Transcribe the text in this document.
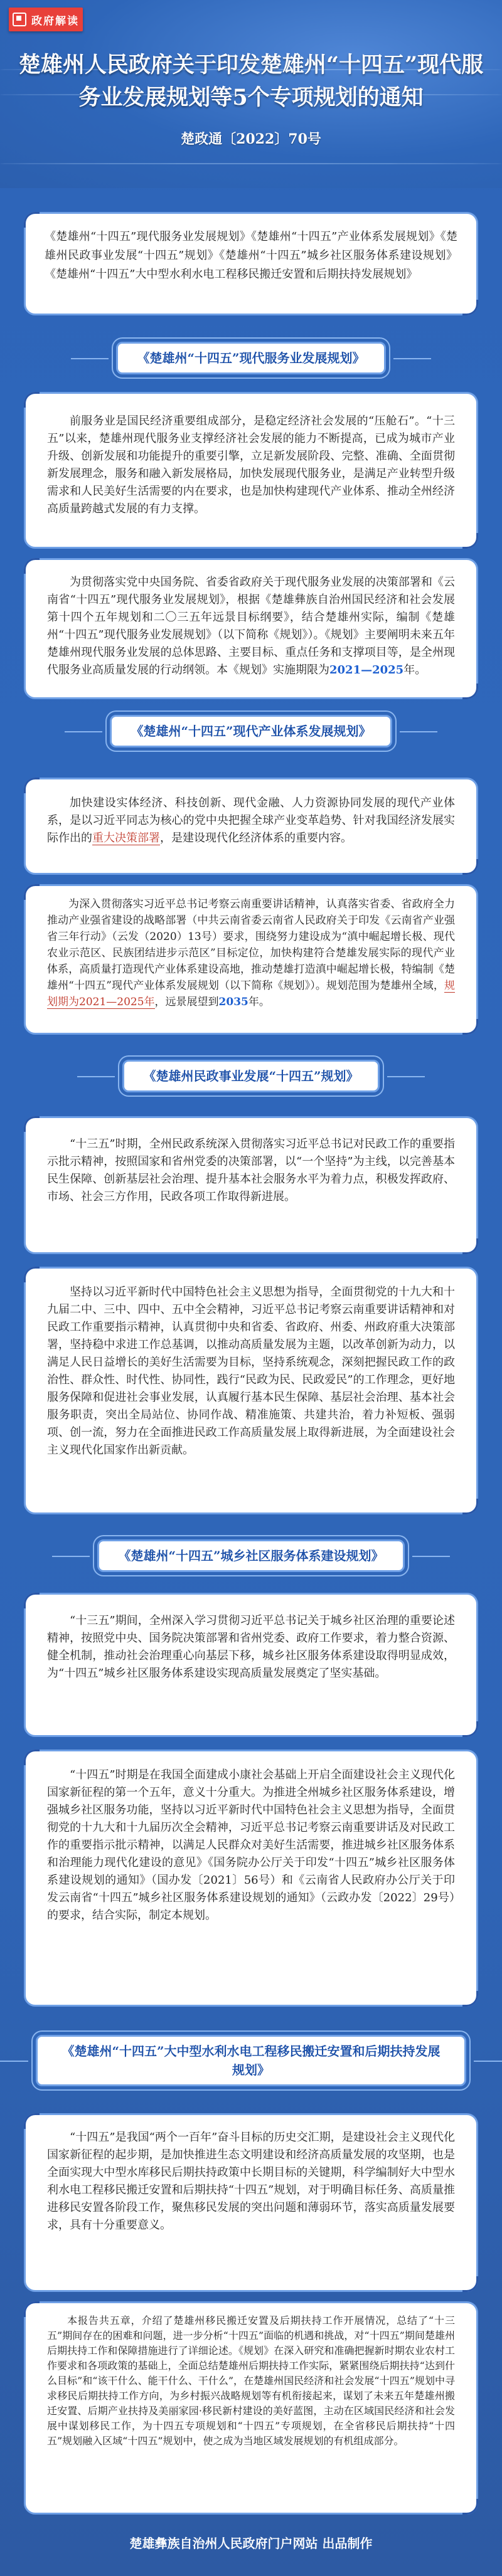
政府解读
楚雄州人民政府关于印发楚雄州“十四五”现代服务业发展规划等5个专项规划的通知
楚政通〔2022〕70号

《楚雄州“十四五”现代服务业发展规划》《楚雄州“十四五”产业体系发展规划》《楚雄州民政事业发展“十四五”规划》《楚雄州“十四五”城乡社区服务体系建设规划》《楚雄州“十四五”大中型水利水电工程移民搬迁安置和后期扶持发展规划》

《楚雄州“十四五”现代服务业发展规划》

前服务业是国民经济重要组成部分，是稳定经济社会发展的“压舱石”。“十三五”以来，楚雄州现代服务业支撑经济社会发展的能力不断提高，已成为城市产业升级、创新发展和功能提升的重要引擎，立足新发展阶段、完整、准确、全面贯彻新发展理念，服务和融入新发展格局，加快发展现代服务业，是满足产业转型升级需求和人民美好生活需要的内在要求，也是加快构建现代产业体系、推动全州经济高质量跨越式发展的有力支撑。

为贯彻落实党中央国务院、省委省政府关于现代服务业发展的决策部署和《云南省“十四五”现代服务业发展规划》，根据《楚雄彝族自治州国民经济和社会发展第十四个五年规划和二〇三五年远景目标纲要》，结合楚雄州实际，编制《楚雄州“十四五”现代服务业发展规划》（以下简称《规划》）。《规划》主要阐明未来五年楚雄州现代服务业发展的总体思路、主要目标、重点任务和支撑项目等，是全州现代服务业高质量发展的行动纲领。本《规划》实施期限为2021—2025年。

《楚雄州“十四五”现代产业体系发展规划》

加快建设实体经济、科技创新、现代金融、人力资源协同发展的现代产业体系，是以习近平同志为核心的党中央把握全球产业变革趋势、针对我国经济发展实际作出的重大决策部署，是建设现代化经济体系的重要内容。

为深入贯彻落实习近平总书记考察云南重要讲话精神，认真落实省委、省政府全力推动产业强省建设的战略部署（中共云南省委云南省人民政府关于印发《云南省产业强省三年行动》（云发（2020）13号）要求，围绕努力建设成为“滇中崛起增长极、现代农业示范区、民族团结进步示范区”目标定位，加快构建符合楚雄发展实际的现代产业体系，高质量打造现代产业体系建设高地，推动楚雄打造滇中崛起增长极，特编制《楚雄州“十四五”现代产业体系发展规划（以下简称《规划》）。规划范围为楚雄州全域，规划期为2021—2025年，远景展望到2035年。

《楚雄州民政事业发展“十四五”规划》

“十三五”时期，全州民政系统深入贯彻落实习近平总书记对民政工作的重要指示批示精神，按照国家和省州党委的决策部署，以“一个坚持”为主线，以完善基本民生保障、创新基层社会治理、提升基本社会服务水平为着力点，积极发挥政府、市场、社会三方作用，民政各项工作取得新进展。

坚持以习近平新时代中国特色社会主义思想为指导，全面贯彻党的十九大和十九届二中、三中、四中、五中全会精神，习近平总书记考察云南重要讲话精神和对民政工作重要指示精神，认真贯彻中央和省委、省政府、州委、州政府重大决策部署，坚持稳中求进工作总基调，以推动高质量发展为主题，以改革创新为动力，以满足人民日益增长的美好生活需要为目标，坚持系统观念，深刻把握民政工作的政治性、群众性、时代性、协同性，践行“民政为民、民政爱民”的工作理念，更好地服务保障和促进社会事业发展，认真履行基本民生保障、基层社会治理、基本社会服务职责，突出全局站位、协同作战、精准施策、共建共治，着力补短板、强弱项、创一流，努力在全面推进民政工作高质量发展上取得新进展，为全面建设社会主义现代化国家作出新贡献。

《楚雄州“十四五”城乡社区服务体系建设规划》

“十三五”期间，全州深入学习贯彻习近平总书记关于城乡社区治理的重要论述精神，按照党中央、国务院决策部署和省州党委、政府工作要求，着力整合资源、健全机制，推动社会治理重心向基层下移，城乡社区服务体系建设取得明显成效，为“十四五”城乡社区服务体系建设实现高质量发展奠定了坚实基础。

“十四五”时期是在我国全面建成小康社会基础上开启全面建设社会主义现代化国家新征程的第一个五年，意义十分重大。为推进全州城乡社区服务体系建设，增强城乡社区服务功能，坚持以习近平新时代中国特色社会主义思想为指导，全面贯彻党的十九大和十九届历次全会精神，习近平总书记考察云南重要讲话及对民政工作的重要指示批示精神，以满足人民群众对美好生活需要，推进城乡社区服务体系和治理能力现代化建设的意见》《国务院办公厅关于印发“十四五”城乡社区服务体系建设规划的通知》（国办发〔2021〕56号）和《云南省人民政府办公厅关于印发云南省“十四五”城乡社区服务体系建设规划的通知》（云政办发〔2022〕29号）的要求，结合实际，制定本规划。

《楚雄州“十四五”大中型水利水电工程移民搬迁安置和后期扶持发展规划》

“十四五”是我国“两个一百年”奋斗目标的历史交汇期，是建设社会主义现代化国家新征程的起步期，是加快推进生态文明建设和经济高质量发展的攻坚期，也是全面实现大中型水库移民后期扶持政策中长期目标的关键期，科学编制好大中型水利水电工程移民搬迁安置和后期扶持“十四五”规划，对于明确目标任务、高质量推进移民安置各阶段工作，聚焦移民发展的突出问题和薄弱环节，落实高质量发展要求，具有十分重要意义。

本报告共五章，介绍了楚雄州移民搬迁安置及后期扶持工作开展情况，总结了“十三五”期间存在的困难和问题，进一步分析“十四五”面临的机遇和挑战，对“十四五”期间楚雄州后期扶持工作和保障措施进行了详细论述。《规划》在深入研究和准确把握新时期农业农村工作要求和各项政策的基础上，全面总结楚雄州后期扶持工作实际，紧紧围绕后期扶持“达到什么目标”和“该干什么、能干什么、干什么”，在楚雄州国民经济和社会发展“十四五”规划中寻求移民后期扶持工作方向，为乡村振兴战略规划等有机衔接起来，谋划了未来五年楚雄州搬迁安置、后期产业扶持及美丽家园·移民新村建设的美好蓝图，主动在区域国民经济和社会发展中谋划移民工作，为十四五专项规划和“十四五”专项规划，在全省移民后期扶持“十四五”规划融入区域“十四五”规划中，使之成为当地区域发展规划的有机组成部分。

楚雄彝族自治州人民政府门户网站 出品制作
